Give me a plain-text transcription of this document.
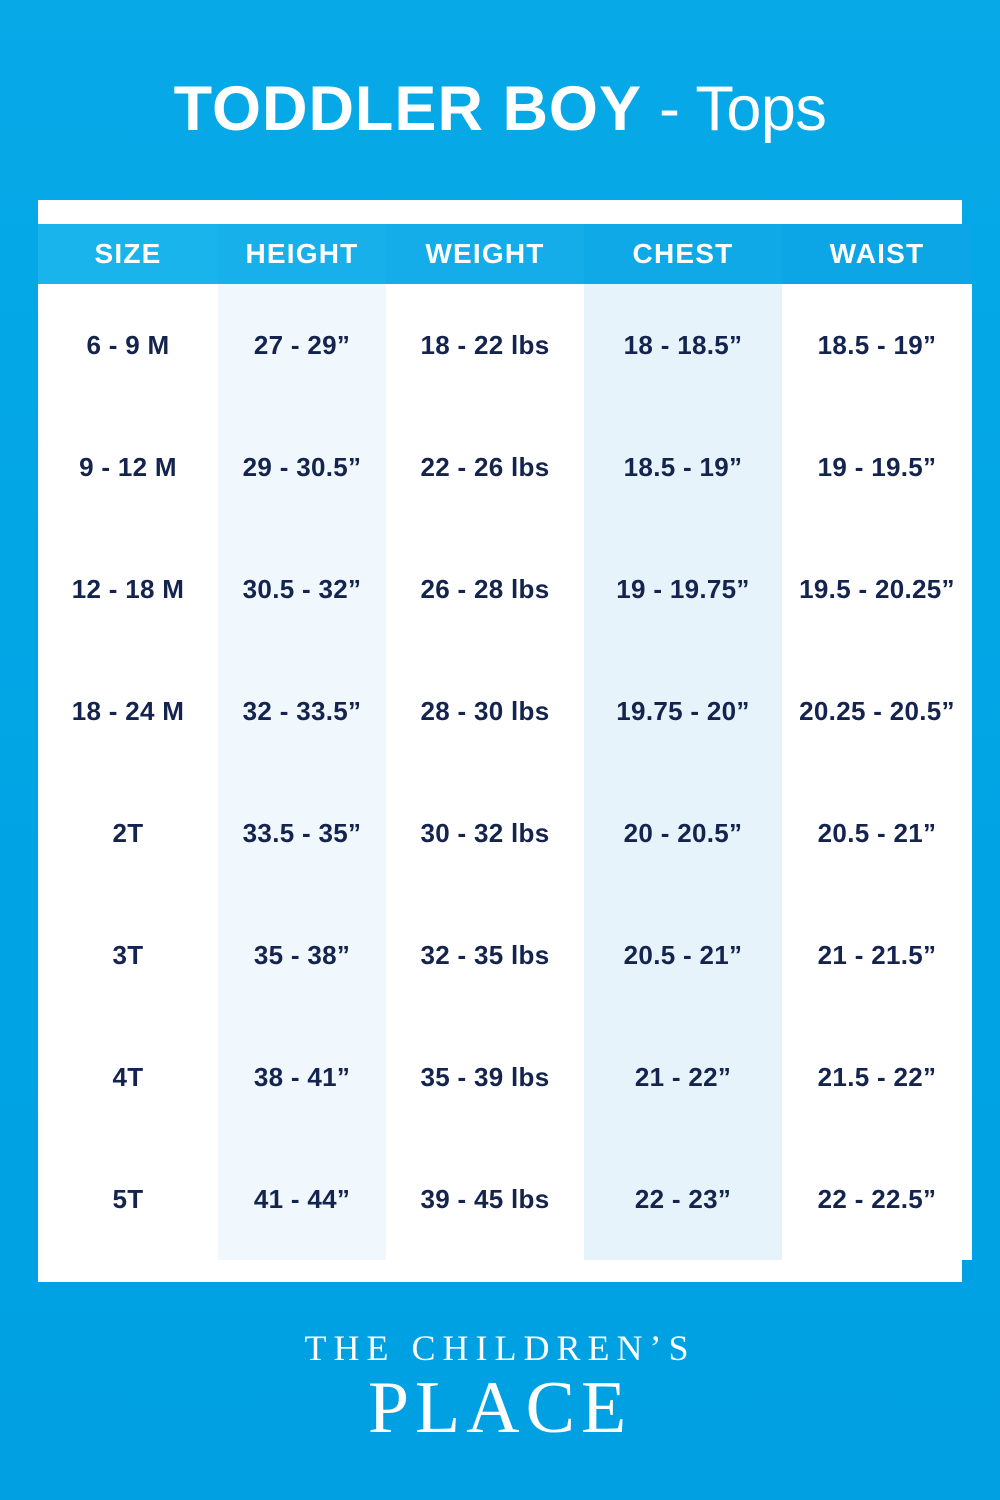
TODDLER BOY - Tops
SIZE	HEIGHT	WEIGHT	CHEST	WAIST
6 - 9 M	27 - 29”	18 - 22 lbs	18 - 18.5”	18.5 - 19”
9 - 12 M	29 - 30.5”	22 - 26 lbs	18.5 - 19”	19 - 19.5”
12 - 18 M	30.5 - 32”	26 - 28 lbs	19 - 19.75”	19.5 - 20.25”
18 - 24 M	32 - 33.5”	28 - 30 lbs	19.75 - 20”	20.25 - 20.5”
2T	33.5 - 35”	30 - 32 lbs	20 - 20.5”	20.5 - 21”
3T	35 - 38”	32 - 35 lbs	20.5 - 21”	21 - 21.5”
4T	38 - 41”	35 - 39 lbs	21 - 22”	21.5 - 22”
5T	41 - 44”	39 - 45 lbs	22 - 23”	22 - 22.5”
THE CHILDREN’S
PLACE
